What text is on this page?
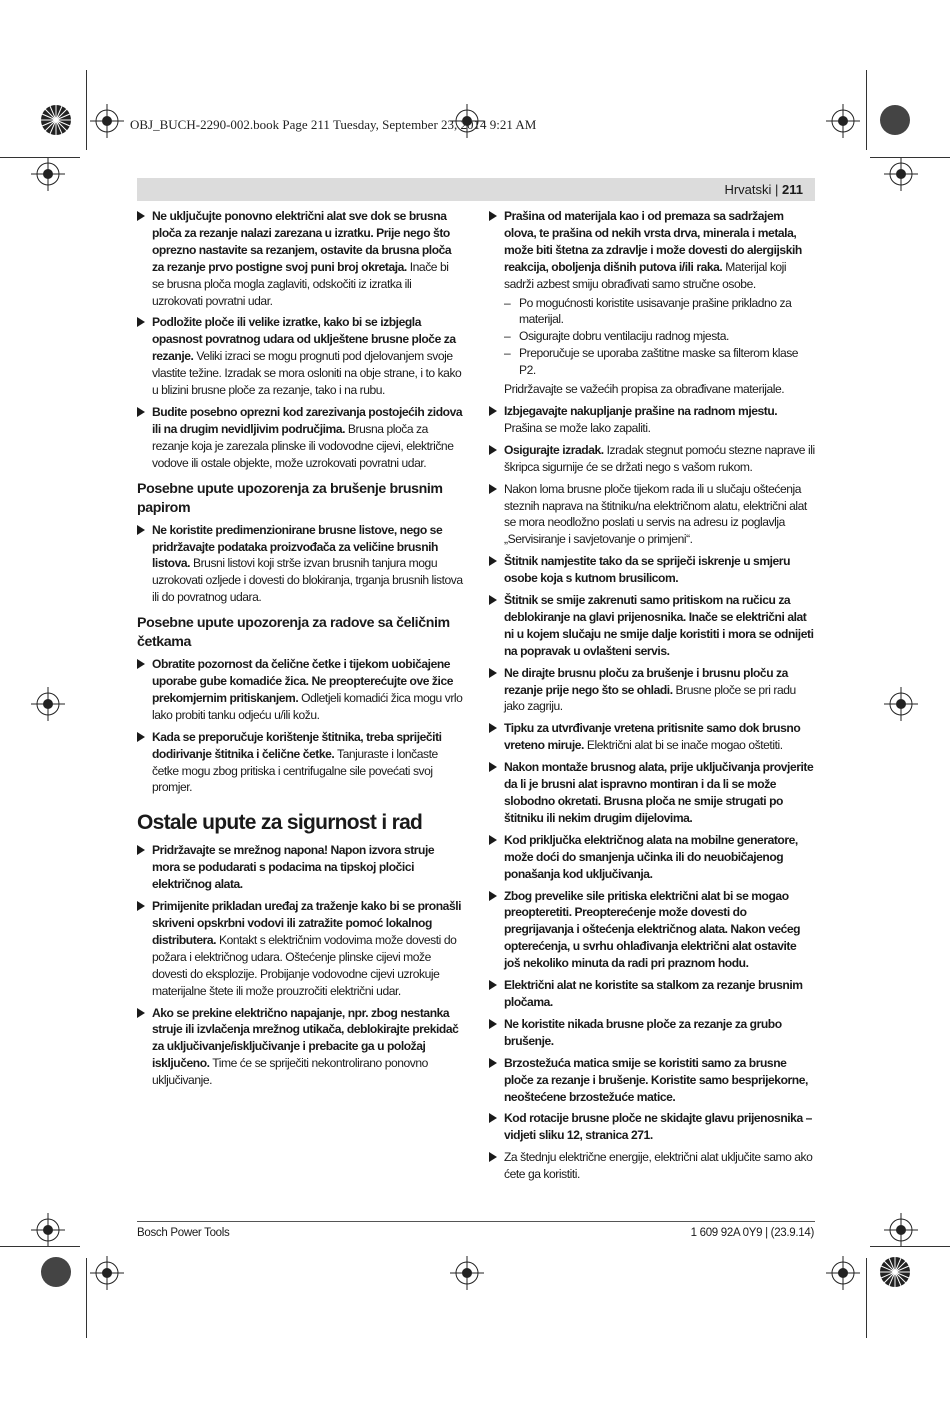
OBJ_BUCH-2290-002.book Page 211 Tuesday, September 23, 2014 9:21 AM
Hrvatski | 211
Ne uključujte ponovno električni alat sve dok se brusna ploča za rezanje nalazi zarezana u izratku. Prije nego što oprezno nastavite sa rezanjem, ostavite da brusna ploča za rezanje prvo postigne svoj puni broj okretaja. Inače bi se brusna ploča mogla zaglaviti, odskočiti iz izratka ili uzrokovati povratni udar.
Podložite ploče ili velike izratke, kako bi se izbjegla opasnost povratnog udara od uklještene brusne ploče za rezanje. Veliki izraci se mogu prognuti pod djelovanjem svoje vlastite težine. Izradak se mora osloniti na obje strane, i to kako u blizini brusne ploče za rezanje, tako i na rubu.
Budite posebno oprezni kod zarezivanja postojećih zidova ili na drugim nevidljivim područjima. Brusna ploča za rezanje koja je zarezala plinske ili vodovodne cijevi, električne vodove ili ostale objekte, može uzrokovati povratni udar.
Posebne upute upozorenja za brušenje brusnim papirom
Ne koristite predimenzionirane brusne listove, nego se pridržavajte podataka proizvođača za veličine brusnih listova. Brusni listovi koji strše izvan brusnih tanjura mogu uzrokovati ozljede i dovesti do blokiranja, trganja brusnih listova ili do povratnog udara.
Posebne upute upozorenja za radove sa čeličnim četkama
Obratite pozornost da čelične četke i tijekom uobičajene uporabe gube komadiće žica. Ne preopterećujte ove žice prekomjernim pritiskanjem. Odletjeli komadići žica mogu vrlo lako probiti tanku odjeću u/ili kožu.
Kada se preporučuje korištenje štitnika, treba spriječiti dodirivanje štitnika i čelične četke. Tanjuraste i lončaste četke mogu zbog pritiska i centrifugalne sile povećati svoj promjer.
Ostale upute za sigurnost i rad
Pridržavajte se mrežnog napona! Napon izvora struje mora se podudarati s podacima na tipskoj pločici električnog alata.
Primijenite prikladan uređaj za traženje kako bi se pronašli skriveni opskrbni vodovi ili zatražite pomoć lokalnog distributera. Kontakt s električnim vodovima može dovesti do požara i električnog udara. Oštećenje plinske cijevi može dovesti do eksplozije. Probijanje vodovodne cijevi uzrokuje materijalne štete ili može prouzročiti električni udar.
Ako se prekine električno napajanje, npr. zbog nestanka struje ili izvlačenja mrežnog utikača, deblokirajte prekidač za uključivanje/isključivanje i prebacite ga u položaj isključeno. Time će se spriječiti nekontrolirano ponovno uključivanje.
Prašina od materijala kao i od premaza sa sadržajem olova, te prašina od nekih vrsta drva, minerala i metala, može biti štetna za zdravlje i može dovesti do alergijskih reakcija, oboljenja dišnih putova i/ili raka. Materijal koji sadrži azbest smiju obrađivati samo stručne osobe.
– Po mogućnosti koristite usisavanje prašine prikladno za materijal.
– Osigurajte dobru ventilaciju radnog mjesta.
– Preporučuje se uporaba zaštitne maske sa filterom klase P2.
Pridržavajte se važećih propisa za obrađivane materijale.
Izbjegavajte nakupljanje prašine na radnom mjestu. Prašina se može lako zapaliti.
Osigurajte izradak. Izradak stegnut pomoću stezne naprave ili škripca sigurnije će se držati nego s vašom rukom.
Nakon loma brusne ploče tijekom rada ili u slučaju oštećenja steznih naprava na štitniku/na električnom alatu, električni alat se mora neodložno poslati u servis na adresu iz poglavlja „Servisiranje i savjetovanje o primjeni“.
Štitnik namjestite tako da se spriječi iskrenje u smjeru osobe koja s kutnom brusilicom.
Štitnik se smije zakrenuti samo pritiskom na ručicu za deblokiranje na glavi prijenosnika. Inače se električni alat ni u kojem slučaju ne smije dalje koristiti i mora se odnijeti na popravak u ovlašteni servis.
Ne dirajte brusnu ploču za brušenje i brusnu ploču za rezanje prije nego što se ohladi. Brusne ploče se pri radu jako zagriju.
Tipku za utvrđivanje vretena pritisnite samo dok brusno vreteno miruje. Električni alat bi se inače mogao oštetiti.
Nakon montaže brusnog alata, prije uključivanja provjerite da li je brusni alat ispravno montiran i da li se može slobodno okretati. Brusna ploča ne smije strugati po štitniku ili nekim drugim dijelovima.
Kod priključka električnog alata na mobilne generatore, može doći do smanjenja učinka ili do neuobičajenog ponašanja kod uključivanja.
Zbog prevelike sile pritiska električni alat bi se mogao preopteretiti. Preopterećenje može dovesti do pregrijavanja i oštećenja električnog alata. Nakon većeg opterećenja, u svrhu ohlađivanja električni alat ostavite još nekoliko minuta da radi pri praznom hodu.
Električni alat ne koristite sa stalkom za rezanje brusnim pločama.
Ne koristite nikada brusne ploče za rezanje za grubo brušenje.
Brzostežuća matica smije se koristiti samo za brusne ploče za rezanje i brušenje. Koristite samo besprijekorne, neoštećene brzostežuće matice.
Kod rotacije brusne ploče ne skidajte glavu prijenosnika – vidjeti sliku 12, stranica 271.
Za štednju električne energije, električni alat uključite samo ako ćete ga koristiti.
Bosch Power Tools	1 609 92A 0Y9 | (23.9.14)
